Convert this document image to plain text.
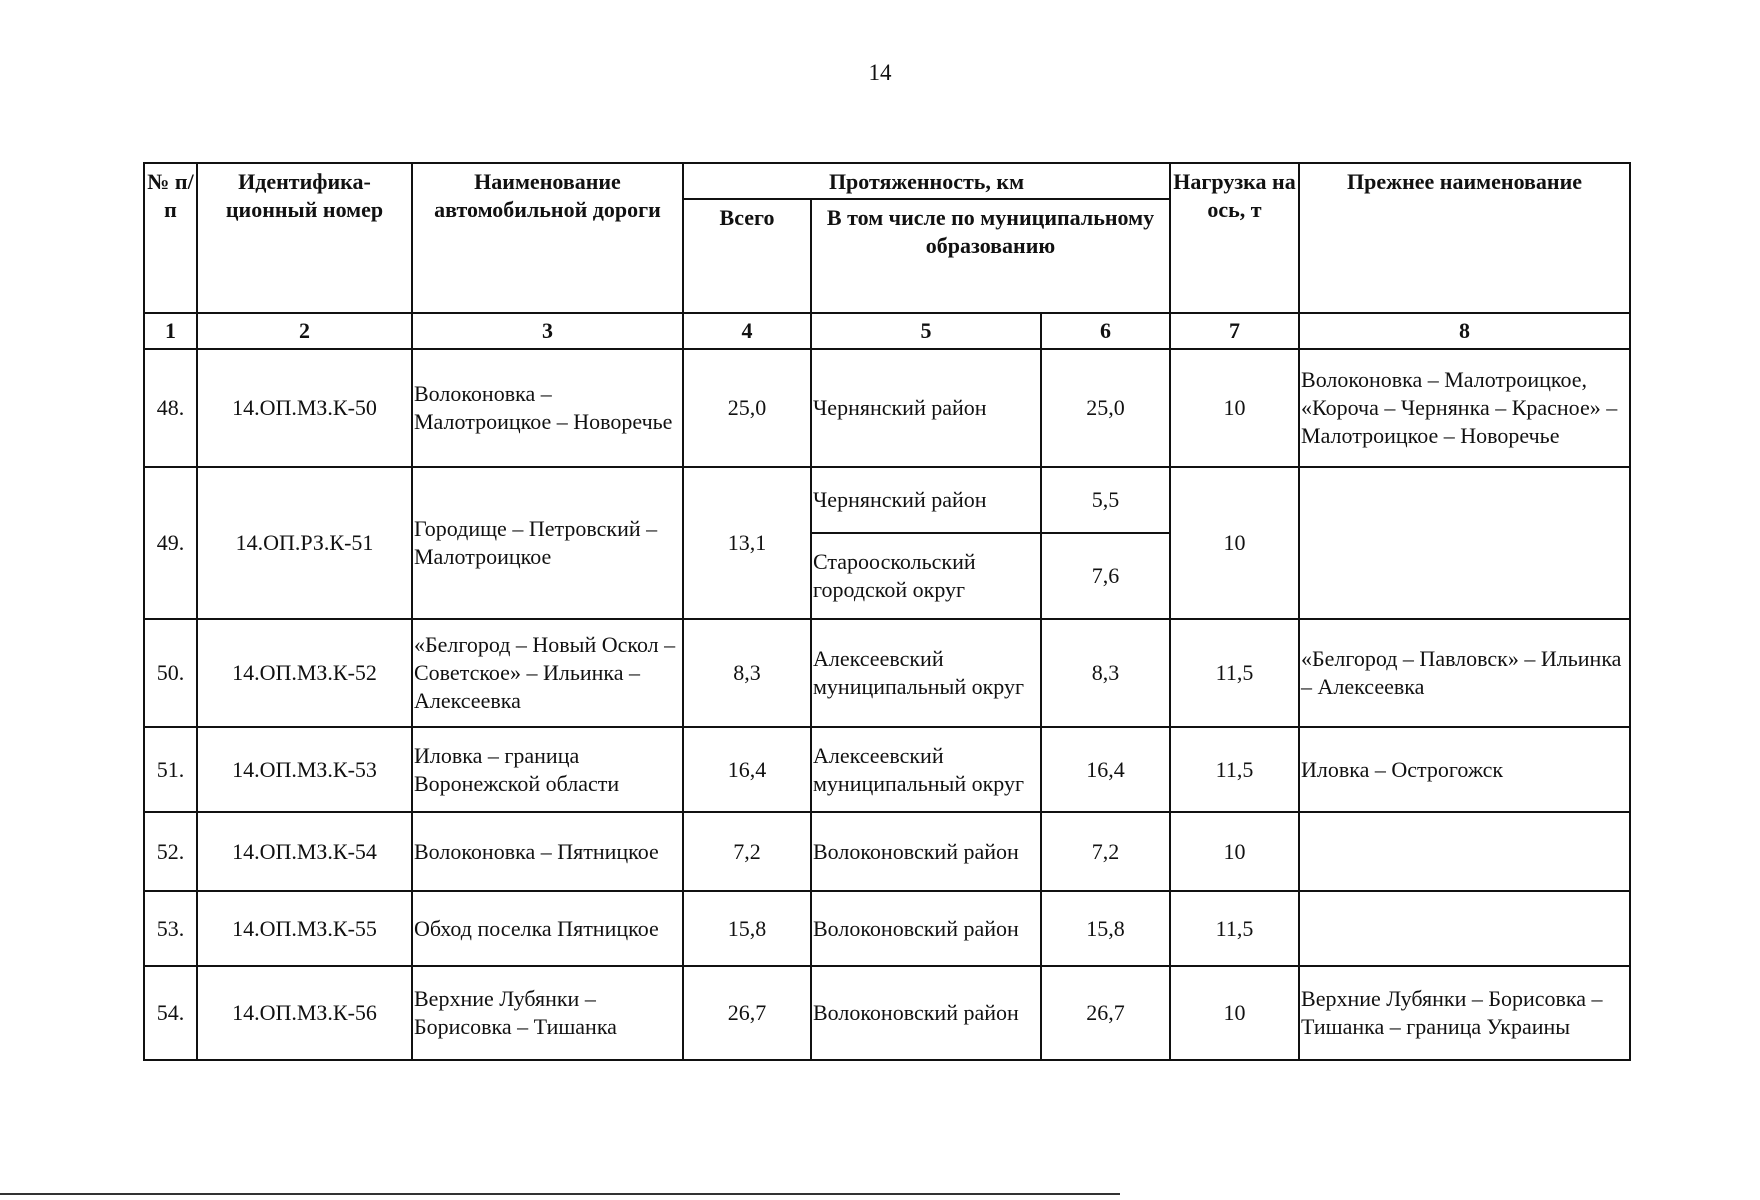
14
№ п/п	Идентифика-ционный номер	Наименование автомобильной дороги	Протяженность, км			Нагрузка на ось, т	Прежнее наименование
			Всего	В том числе по муниципальному образованию			
1	2	3	4	5	6	7	8
48.	14.ОП.МЗ.К-50	Волоконовка – Малотроицкое – Новоречье	25,0	Чернянский район	25,0	10	Волоконовка – Малотроицкое, «Короча – Чернянка – Красное» – Малотроицкое – Новоречье
49.	14.ОП.РЗ.К-51	Городище – Петровский – Малотроицкое	13,1	Чернянский район	5,5	10	
				Старооскольский городской округ	7,6		
50.	14.ОП.МЗ.К-52	«Белгород – Новый Оскол – Советское» – Ильинка – Алексеевка	8,3	Алексеевский муниципальный округ	8,3	11,5	«Белгород – Павловск» – Ильинка – Алексеевка
51.	14.ОП.МЗ.К-53	Иловка – граница Воронежской области	16,4	Алексеевский муниципальный округ	16,4	11,5	Иловка – Острогожск
52.	14.ОП.МЗ.К-54	Волоконовка – Пятницкое	7,2	Волоконовский район	7,2	10	
53.	14.ОП.МЗ.К-55	Обход поселка Пятницкое	15,8	Волоконовский район	15,8	11,5	
54.	14.ОП.МЗ.К-56	Верхние Лубянки – Борисовка – Тишанка	26,7	Волоконовский район	26,7	10	Верхние Лубянки – Борисовка – Тишанка – граница Украины
